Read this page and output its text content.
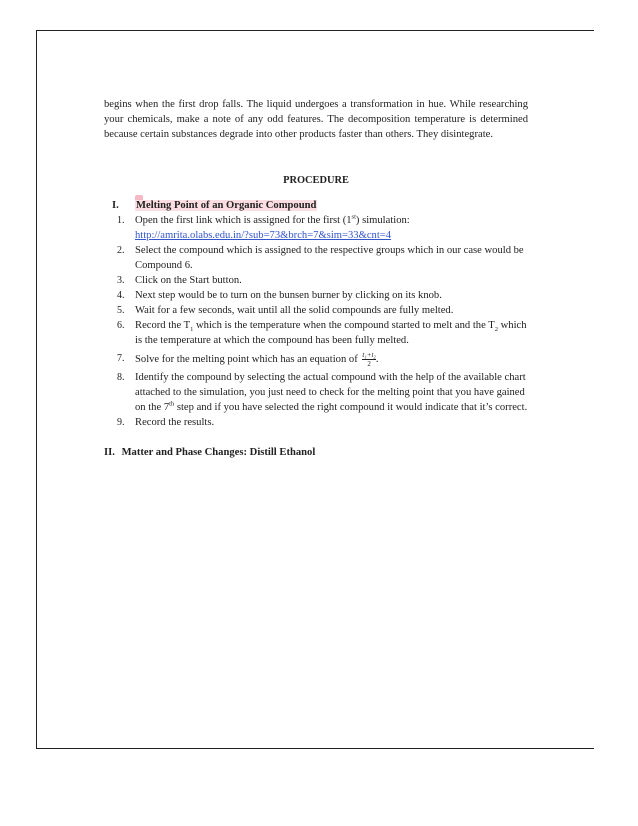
begins when the first drop falls. The liquid undergoes a transformation in hue. While researching your chemicals, make a note of any odd features. The decomposition temperature is determined because certain substances degrade into other products faster than others. They disintegrate.

PROCEDURE
I. Melting Point of an Organic Compound
1. Open the first link which is assigned for the first (1st) simulation:
http://amrita.olabs.edu.in/?sub=73&brch=7&sim=33&cnt=4
2. Select the compound which is assigned to the respective groups which in our case would be Compound 6.
3. Click on the Start button.
4. Next step would be to turn on the bunsen burner by clicking on its knob.
5. Wait for a few seconds, wait until all the solid compounds are fully melted.
6. Record the $T_1$ which is the temperature when the compound started to melt and the $T_2$ which is the temperature at which the compound has been fully melted.
7. Solve for the melting point which has an equation of $\frac{\text{t₁+t₂}}{2}$ .
8. Identify the compound by selecting the actual compound with the help of the available chart attached to the simulation, you just need to check for the melting point that you have gained on the 7th step and if you have selected the right compound it would indicate that it’s correct.
9. Record the results.
II. Matter and Phase Changes: Distill Ethanol
